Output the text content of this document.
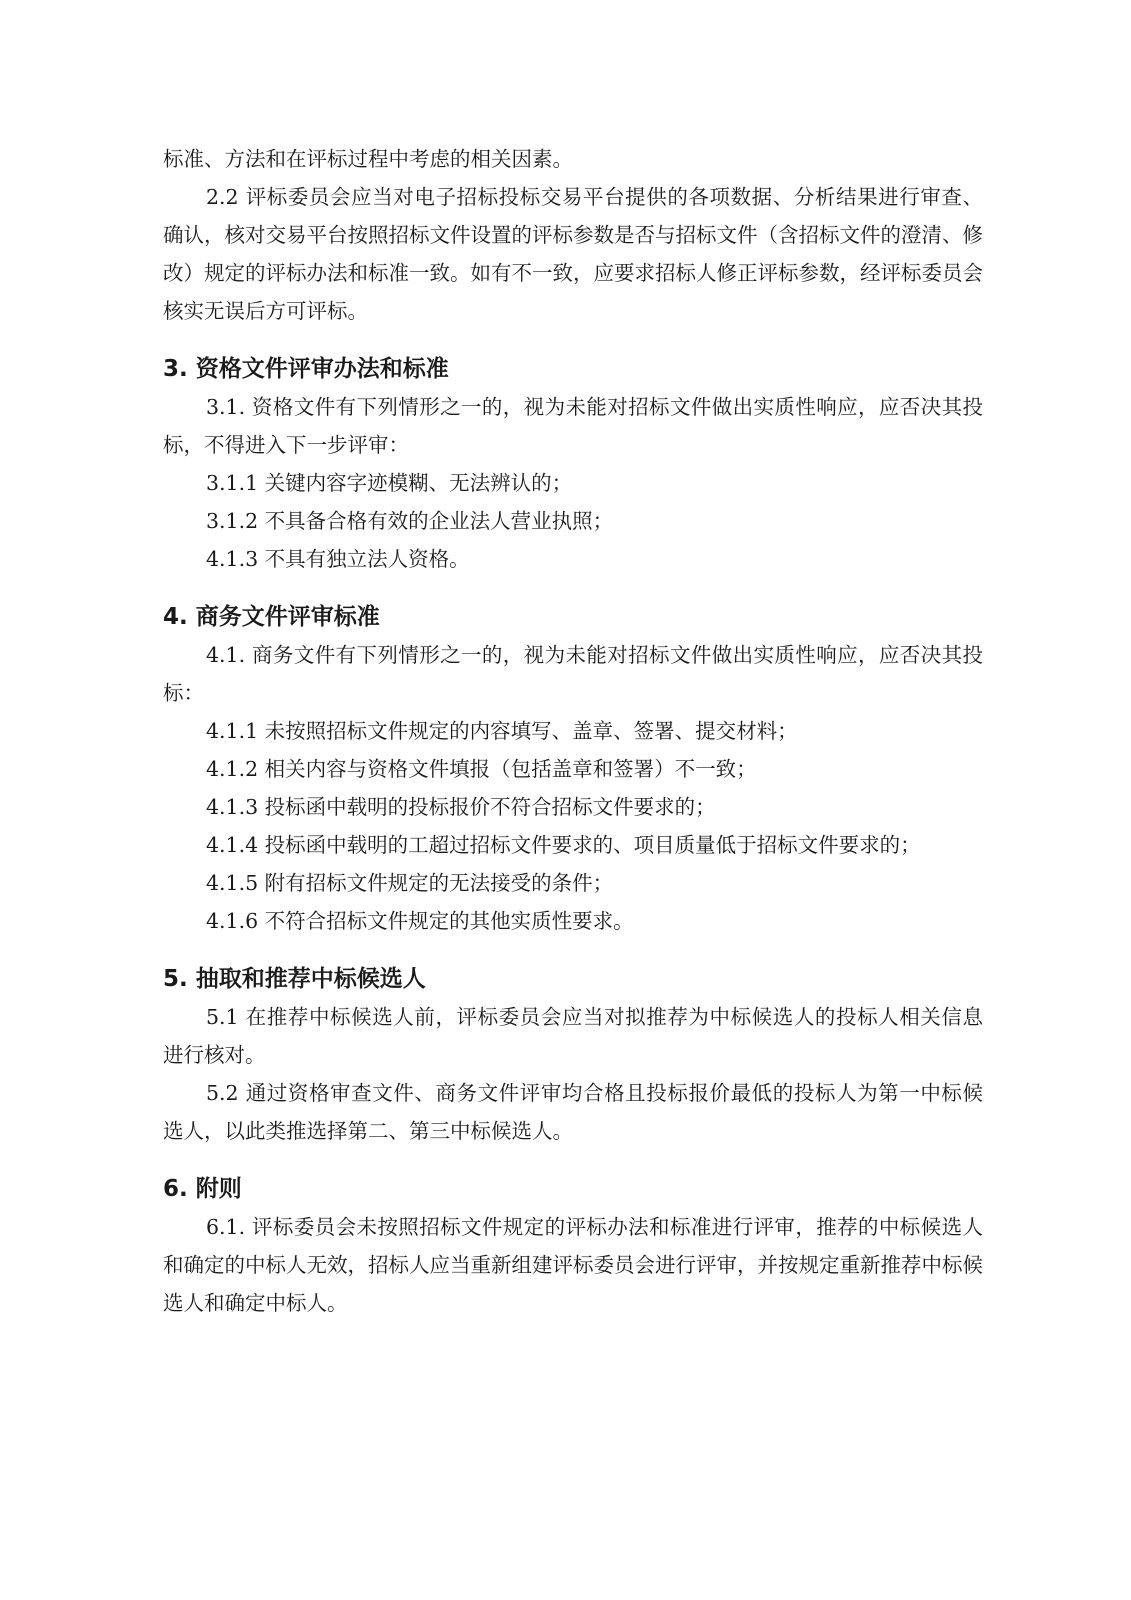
标准、方法和在评标过程中考虑的相关因素。

2.2 评标委员会应当对电子招标投标交易平台提供的各项数据、分析结果进行审查、确认，核对交易平台按照招标文件设置的评标参数是否与招标文件（含招标文件的澄清、修改）规定的评标办法和标准一致。如有不一致，应要求招标人修正评标参数，经评标委员会核实无误后方可评标。

3. 资格文件评审办法和标准

3.1. 资格文件有下列情形之一的，视为未能对招标文件做出实质性响应，应否决其投标，不得进入下一步评审：

3.1.1 关键内容字迹模糊、无法辨认的；

3.1.2 不具备合格有效的企业法人营业执照；

4.1.3 不具有独立法人资格。

4. 商务文件评审标准

4.1. 商务文件有下列情形之一的，视为未能对招标文件做出实质性响应，应否决其投标：

4.1.1 未按照招标文件规定的内容填写、盖章、签署、提交材料；

4.1.2 相关内容与资格文件填报（包括盖章和签署）不一致；

4.1.3 投标函中载明的投标报价不符合招标文件要求的；

4.1.4 投标函中载明的工超过招标文件要求的、项目质量低于招标文件要求的；

4.1.5 附有招标文件规定的无法接受的条件；

4.1.6 不符合招标文件规定的其他实质性要求。

5. 抽取和推荐中标候选人

5.1 在推荐中标候选人前，评标委员会应当对拟推荐为中标候选人的投标人相关信息进行核对。

5.2 通过资格审查文件、商务文件评审均合格且投标报价最低的投标人为第一中标候选人，以此类推选择第二、第三中标候选人。

6. 附则

6.1. 评标委员会未按照招标文件规定的评标办法和标准进行评审，推荐的中标候选人和确定的中标人无效，招标人应当重新组建评标委员会进行评审，并按规定重新推荐中标候选人和确定中标人。
